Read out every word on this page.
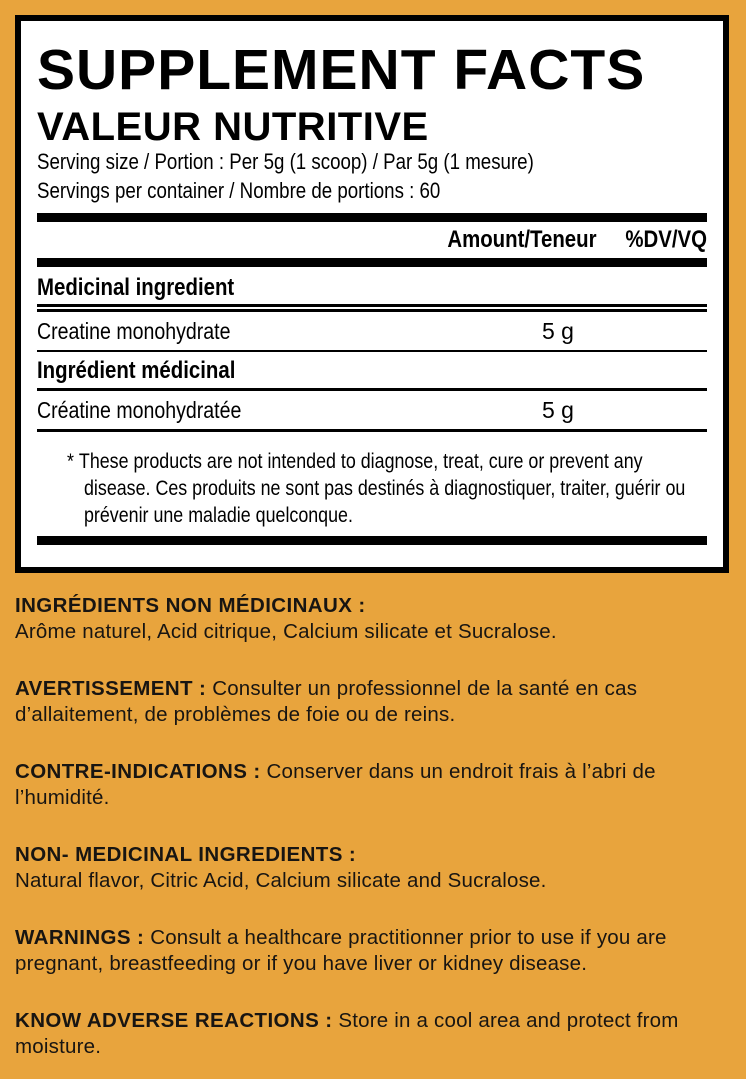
SUPPLEMENT FACTS
VALEUR NUTRITIVE
Serving size / Portion : Per 5g (1 scoop) / Par 5g (1 mesure)
Servings per container / Nombre de portions : 60
Amount/Teneur %DV/VQ
Medicinal ingredient
Creatine monohydrate	5 g
Ingrédient médicinal
Créatine monohydratée	5 g
* These products are not intended to diagnose, treat, cure or prevent any disease. Ces produits ne sont pas destinés à diagnostiquer, traiter, guérir ou prévenir une maladie quelconque.

INGRÉDIENTS NON MÉDICINAUX :
Arôme naturel, Acid citrique, Calcium silicate et Sucralose.

AVERTISSEMENT : Consulter un professionnel de la santé en cas d’allaitement, de problèmes de foie ou de reins.

CONTRE-INDICATIONS : Conserver dans un endroit frais à l’abri de l’humidité.

NON- MEDICINAL INGREDIENTS :
Natural flavor, Citric Acid, Calcium silicate and Sucralose.

WARNINGS : Consult a healthcare practitionner prior to use if you are pregnant, breastfeeding or if you have liver or kidney disease.

KNOW ADVERSE REACTIONS : Store in a cool area and protect from moisture.
